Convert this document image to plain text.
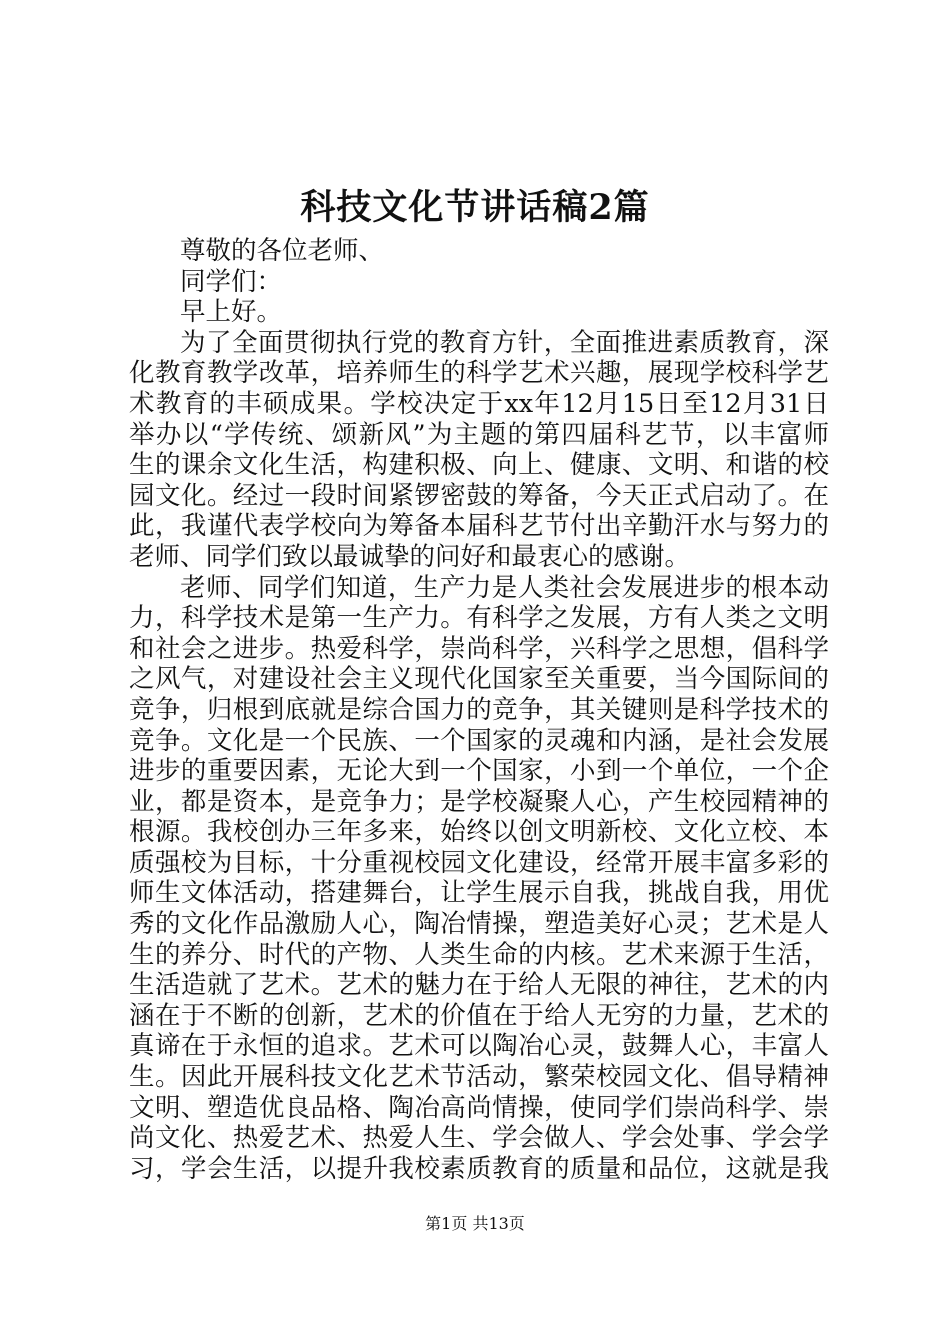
科技文化节讲话稿2篇
尊敬的各位老师、
同学们：
早上好。
为了全面贯彻执行党的教育方针，全面推进素质教育，深
化教育教学改革，培养师生的科学艺术兴趣，展现学校科学艺
术教育的丰硕成果。学校决定于xx年12月15日至12月31日
举办以“学传统、颂新风”为主题的第四届科艺节，以丰富师
生的课余文化生活，构建积极、向上、健康、文明、和谐的校
园文化。经过一段时间紧锣密鼓的筹备，今天正式启动了。在
此，我谨代表学校向为筹备本届科艺节付出辛勤汗水与努力的
老师、同学们致以最诚挚的问好和最衷心的感谢。
老师、同学们知道，生产力是人类社会发展进步的根本动
力，科学技术是第一生产力。有科学之发展，方有人类之文明
和社会之进步。热爱科学，崇尚科学，兴科学之思想，倡科学
之风气，对建设社会主义现代化国家至关重要，当今国际间的
竞争，归根到底就是综合国力的竞争，其关键则是科学技术的
竞争。文化是一个民族、一个国家的灵魂和内涵，是社会发展
进步的重要因素，无论大到一个国家，小到一个单位，一个企
业，都是资本，是竞争力；是学校凝聚人心，产生校园精神的
根源。我校创办三年多来，始终以创文明新校、文化立校、本
质强校为目标，十分重视校园文化建设，经常开展丰富多彩的
师生文体活动，搭建舞台，让学生展示自我，挑战自我，用优
秀的文化作品激励人心，陶冶情操，塑造美好心灵；艺术是人
生的养分、时代的产物、人类生命的内核。艺术来源于生活，
生活造就了艺术。艺术的魅力在于给人无限的神往，艺术的内
涵在于不断的创新，艺术的价值在于给人无穷的力量，艺术的
真谛在于永恒的追求。艺术可以陶冶心灵，鼓舞人心，丰富人
生。因此开展科技文化艺术节活动，繁荣校园文化、倡导精神
文明、塑造优良品格、陶冶高尚情操，使同学们崇尚科学、崇
尚文化、热爱艺术、热爱人生、学会做人、学会处事、学会学
习，学会生活，以提升我校素质教育的质量和品位，这就是我
第1页 共13页
